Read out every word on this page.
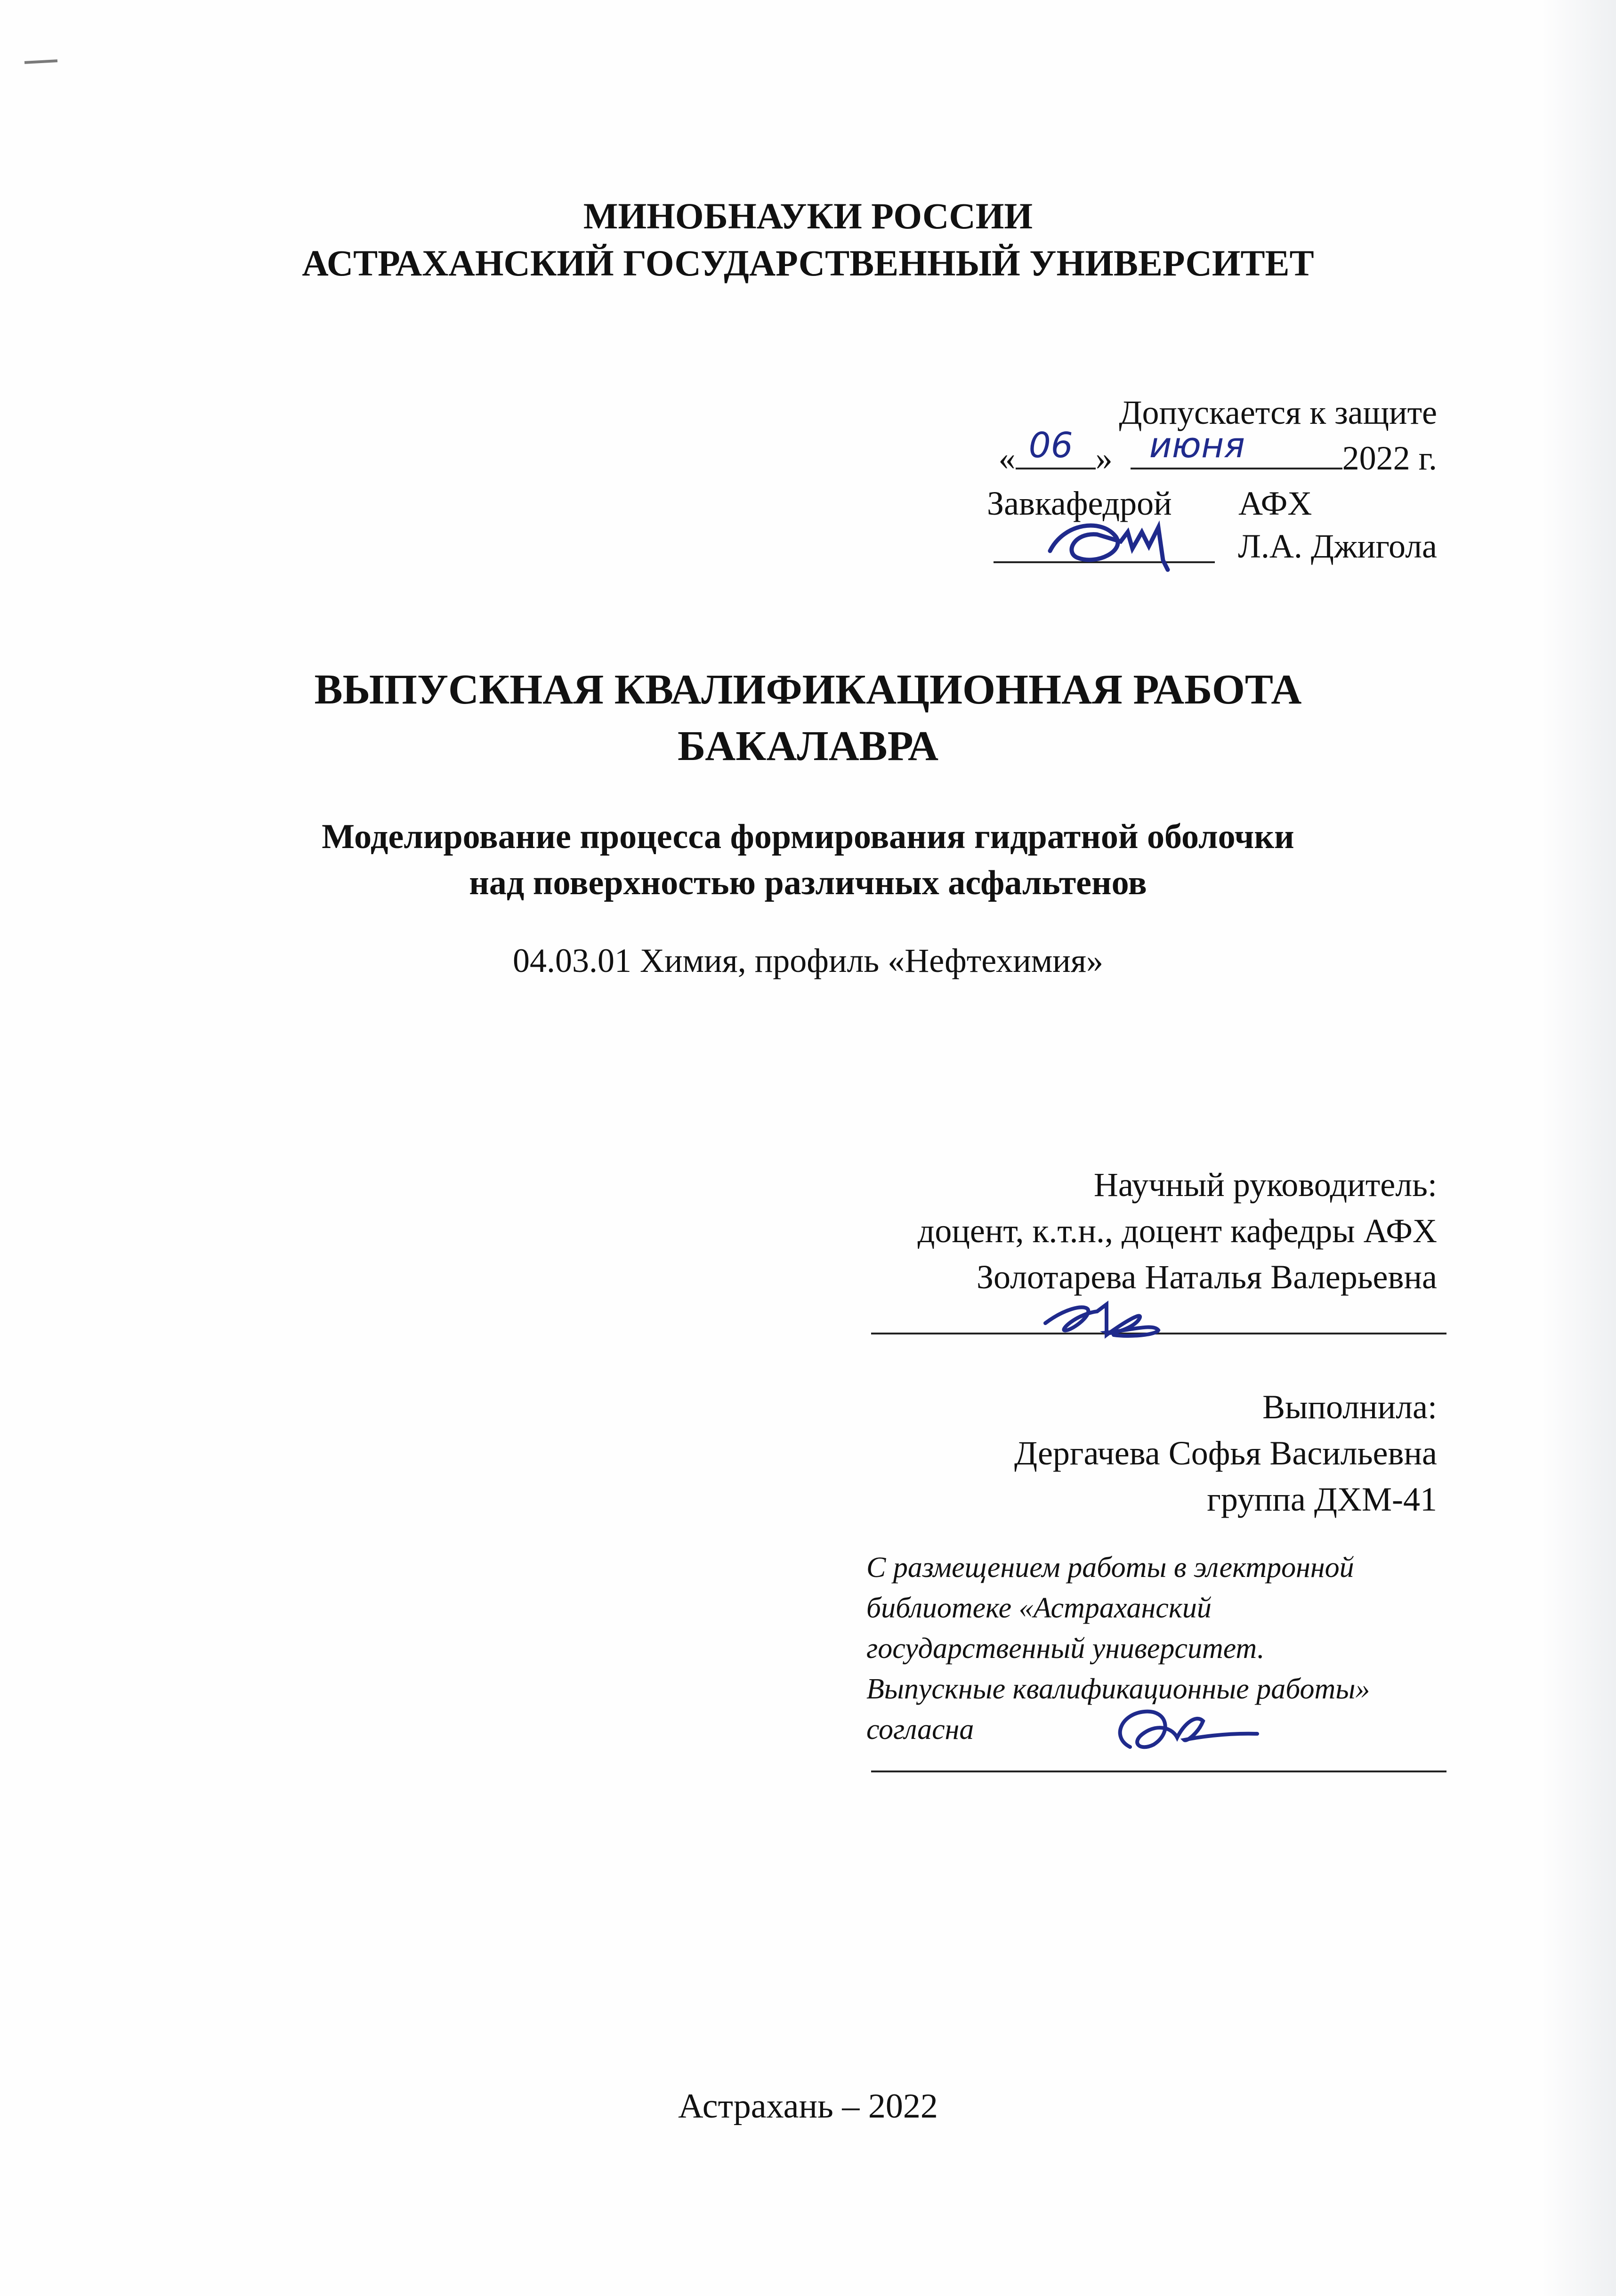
МИНОБНАУКИ РОССИИ
АСТРАХАНСКИЙ ГОСУДАРСТВЕННЫЙ УНИВЕРСИТЕТ
Допускается к защите
« 06 » июня	2022 г.
Завкафедрой АФХ
Л.А. Джигола
ВЫПУСКНАЯ КВАЛИФИКАЦИОННАЯ РАБОТА
БАКАЛАВРА
Моделирование процесса формирования гидратной оболочки
над поверхностью различных асфальтенов
04.03.01 Химия, профиль «Нефтехимия»
Научный руководитель:
доцент, к.т.н., доцент кафедры АФХ
Золотарева Наталья Валерьевна
Выполнила:
Дергачева Софья Васильевна
группа ДХМ-41
С размещением работы в электронной
библиотеке «Астраханский
государственный университет.
Выпускные квалификационные работы»
согласна
Астрахань – 2022
